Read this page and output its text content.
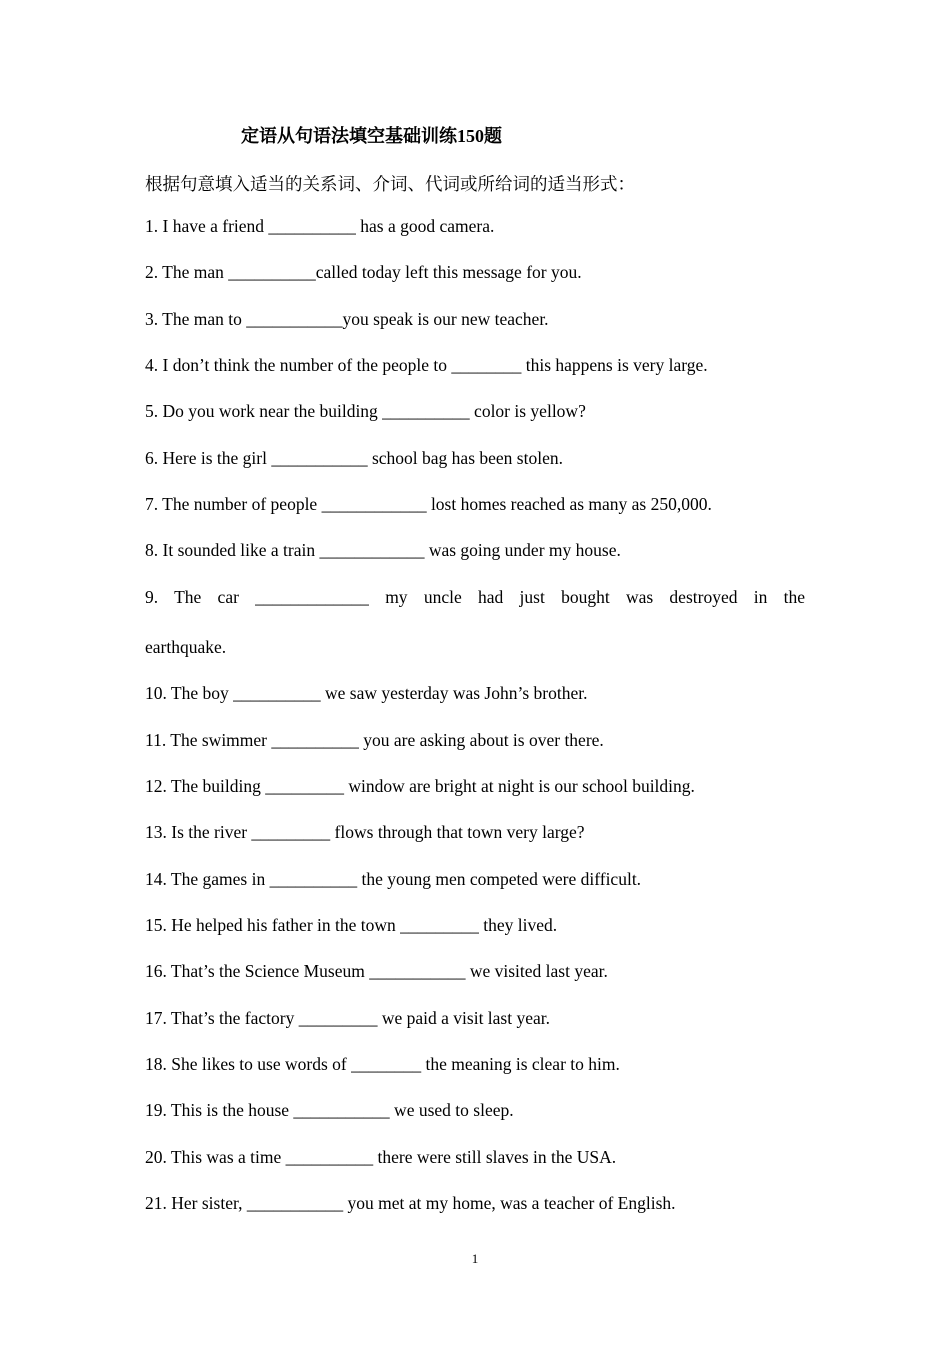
定语从句语法填空基础训练150题
根据句意填入适当的关系词、介词、代词或所给词的适当形式：
1. I have a friend __________ has a good camera.
2. The man __________called today left this message for you.
3. The man to ___________you speak is our new teacher.
4. I don’t think the number of the people to ________ this happens is very large.
5. Do you work near the building __________ color is yellow?
6. Here is the girl ___________ school bag has been stolen.
7. The number of people ____________ lost homes reached as many as 250,000.
8. It sounded like a train ____________ was going under my house.
9. The car _____________ my uncle had just bought was destroyed in the
earthquake.
10. The boy __________ we saw yesterday was John’s brother.
11. The swimmer __________ you are asking about is over there.
12. The building _________ window are bright at night is our school building.
13. Is the river _________ flows through that town very large?
14. The games in __________ the young men competed were difficult.
15. He helped his father in the town _________ they lived.
16. That’s the Science Museum ___________ we visited last year.
17. That’s the factory _________ we paid a visit last year.
18. She likes to use words of ________ the meaning is clear to him.
19. This is the house ___________ we used to sleep.
20. This was a time __________ there were still slaves in the USA.
21. Her sister, ___________ you met at my home, was a teacher of English.
1
